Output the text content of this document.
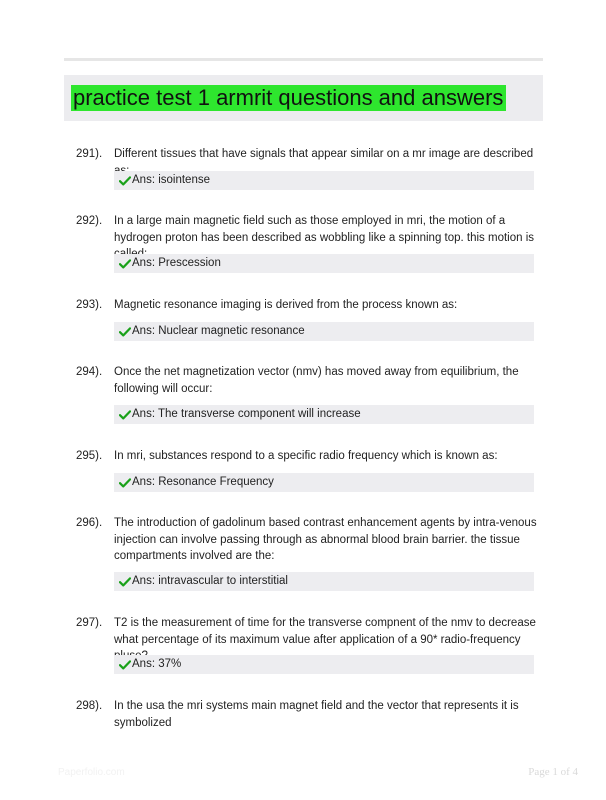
practice test 1 armrit questions and answers
291). Different tissues that have signals that appear similar on a mr image are described
Ans: isointense
292). In a large main magnetic field such as those employed in mri, the motion of a hydrogen proton has been described as wobbling like a spinning top. this motion is
Ans: Prescession
293). Magnetic resonance imaging is derived from the process known as:
Ans: Nuclear magnetic resonance
294). Once the net magnetization vector (nmv) has moved away from equilibrium, the following will occur:
Ans: The transverse component will increase
295). In mri, substances respond to a specific radio frequency which is known as:
Ans: Resonance Frequency
296). The introduction of gadolinum based contrast enhancement agents by intra-venous injection can involve passing through as abnormal blood brain barrier. the tissue compartments involved are the:
Ans: intravascular to interstitial
297). T2 is the measurement of time for the transverse compnent of the nmv to decrease what percentage of its maximum value after application of a 90* radio-frequency
Ans: 37%
298). In the usa the mri systems main magnet field and the vector that represents it is symbolized
Paperfolio.com	Page 1 of 4
